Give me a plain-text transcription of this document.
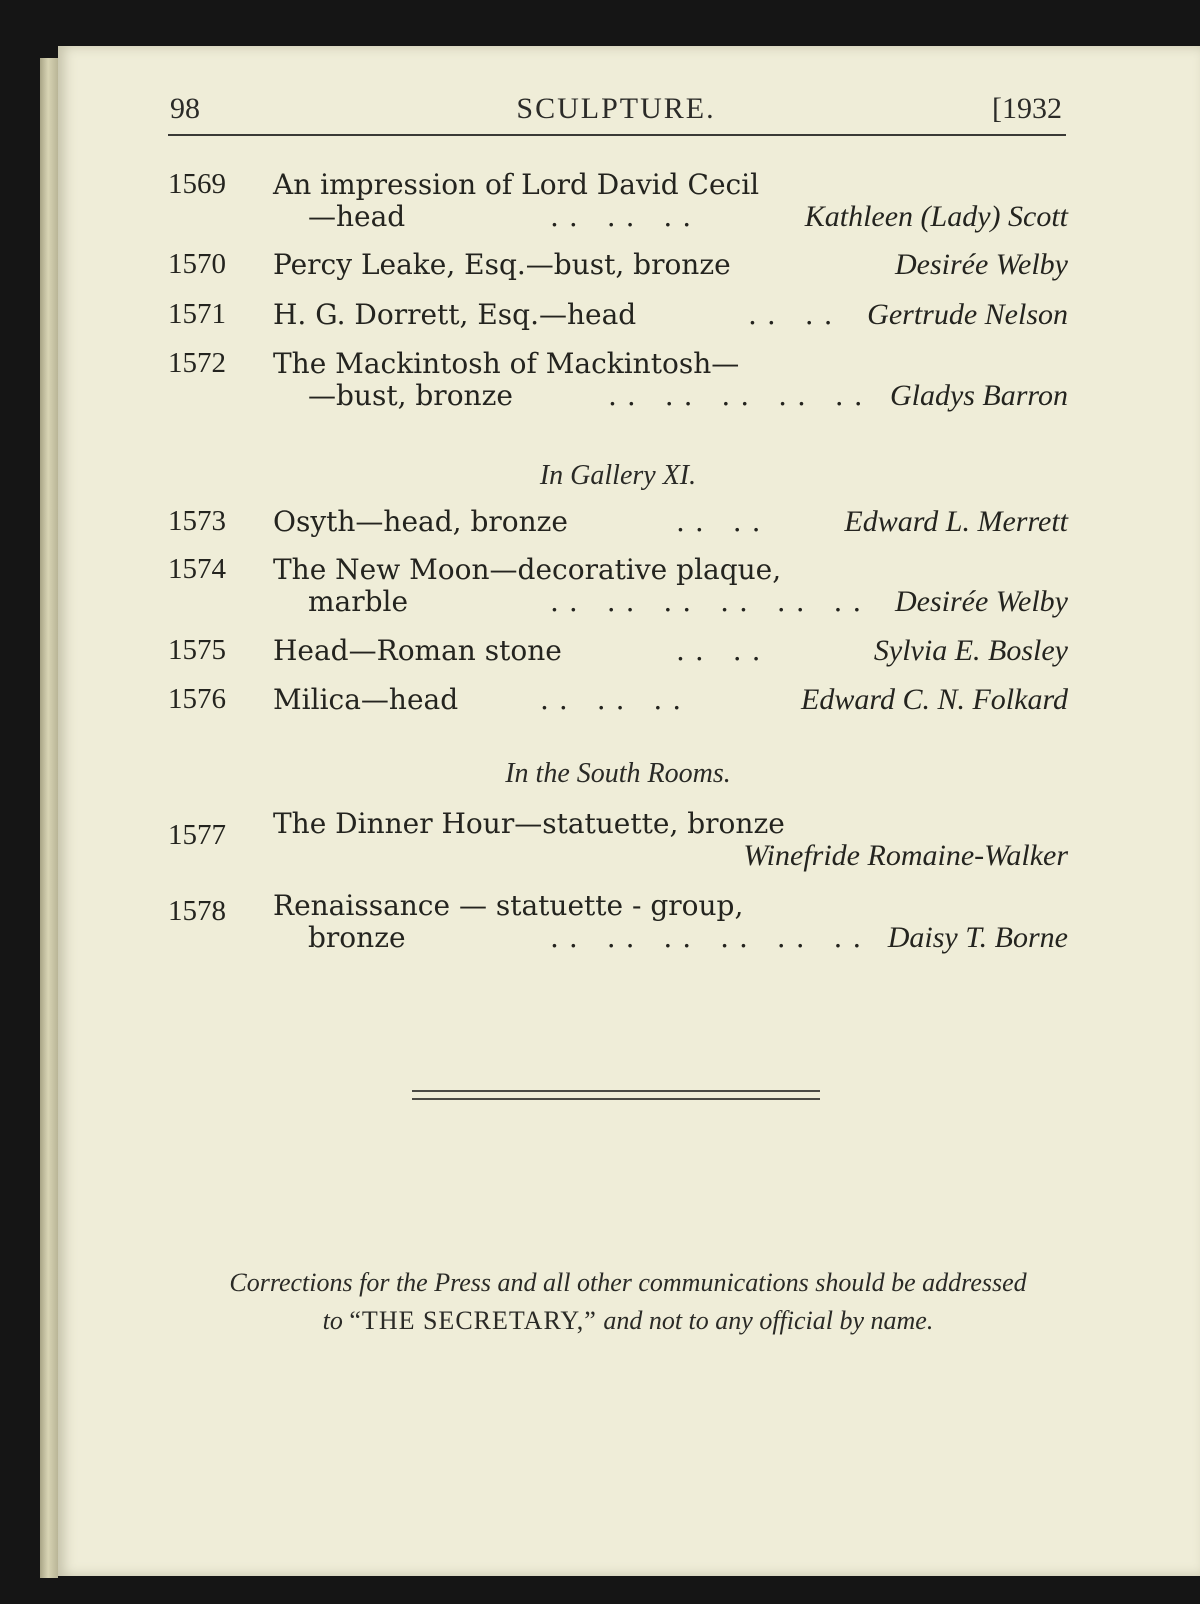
98	SCULPTURE.	[1932
1569 An impression of Lord David Cecil
—head	.. .. ..	Kathleen (Lady) Scott
1570 Percy Leake, Esq.—bust, bronze	Desirée Welby
1571 H. G. Dorrett, Esq.—head	.. .. Gertrude Nelson
1572 The Mackintosh of Mackintosh—
—bust, bronze	.. .. .. .. .. Gladys Barron
In Gallery XI.
1573 Osyth—head, bronze	.. .. Edward L. Merrett
1574 The New Moon—decorative plaque,
marble	.. .. .. .. .. .. Desirée Welby
1575 Head—Roman stone	.. ..	Sylvia E. Bosley
1576 Milica—head	.. .. ..	Edward C. N. Folkard
In the South Rooms.
1577 The Dinner Hour—statuette, bronze
Winefride Romaine-Walker
1578 Renaissance — statuette - group,
bronze	.. .. .. .. .. .. Daisy T. Borne
Corrections for the Press and all other communications should be addressed
to “THE SECRETARY,” and not to any official by name.
